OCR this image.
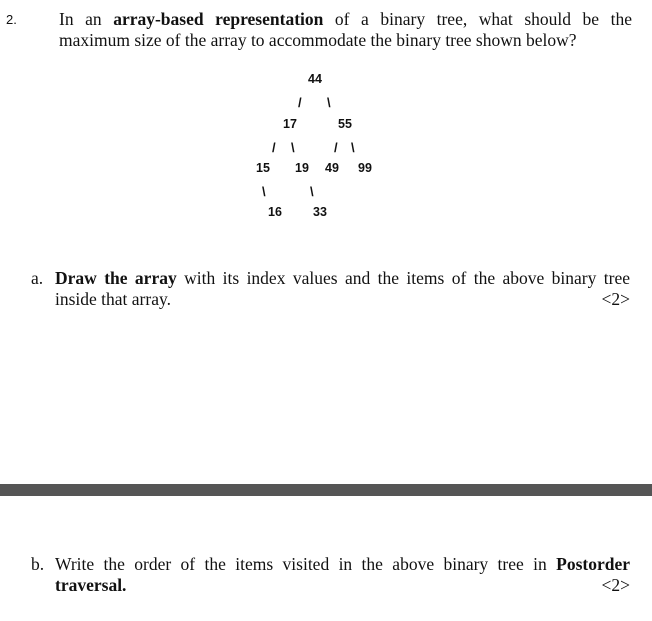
2. In an array-based representation of a binary tree, what should be the
maximum size of the array to accommodate the binary tree shown below?
44
/ \
17	55
/ \	/ \
15 19 49 99
\	\
16 33
a. Draw the array with its index values and the items of the above binary tree
inside that array.	<2>
b. Write the order of the items visited in the above binary tree in Postorder
traversal.	<2>
